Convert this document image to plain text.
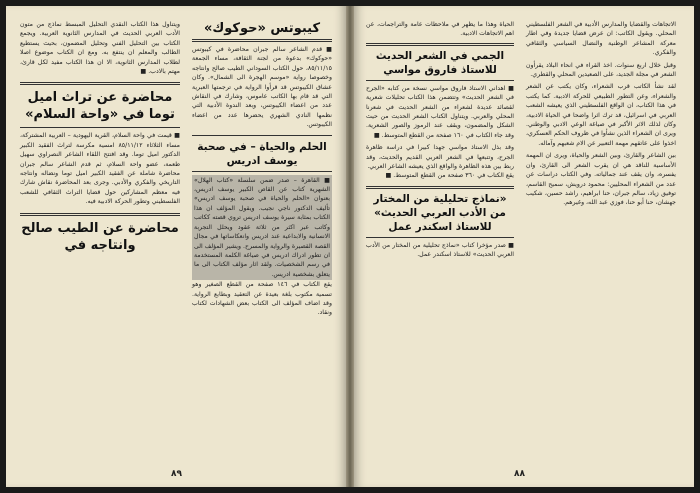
كيبوتس «حوكوك»

■ قدم الشاعر سالم جبران محاضرة في كيبوتس «حوكوك» بدعوة من لجنة الثقافة، مساء الجمعة ٨٥/١١/١٥، حول الكتاب السوداني الطيب صالح وانتاجه وخصوصا رواية «موسم الهجرة الى الشمال». وكان عشاق الكيبوتس قد قرأوا الرواية في ترجمتها العبرية التي قد قام بها الكاتب عاموس، وشارك في النقاش عدد من اعضاء الكيبوتس، وبعد الندوة الأدبية التي نظمها النادي الشهري يحضرها عدد من اعضاء الكيبوتس.

الحلم والحياة – في صحبة يوسف ادريس

■ القاهرة – صدر ضمن سلسلة «كتاب الهلال» الشهرية كتاب عن القاص الكبير يوسف ادريس، بعنوان «الحلم والحياة في صحبة يوسف ادريس» تأليف الدكتور ناجي نجيب. ويقول المؤلف ان هذا الكتاب بمثابة سيرة يوسف ادريس تروي قصته ككاتب وكاتب عبر اكثر من ثلاثة عقود ويحلل التجربة الانسانية والابداعية عند ادريس وانعكاساتها في مجال القصة القصيرة والرواية والمسرح. ويشير المؤلف الى ان تطور ادراك ادريس في صياغة الكلمة المستخدمة في رسم الشخصيات. ولقد اثار مؤلف الكتاب الى ما يتعلق بشخصية ادريس.

يقع الكتاب في ١٤٦ صفحة من القطع الصغير وهو تسمية مكتوب بلغة بعيدة عن التعقيد وبطابع الرواية. وقد اضاف المؤلف الى الكتاب بعض الشهادات لكتاب ونقاد.

ويتناول هذا الكتاب النقدي التحليل المبسط نماذج من متون الأدب العربي الحديث في المدارس الثانوية العربية. ويجمع الكتاب بين التحليل الفني وتحليل المضمون، بحيث يستطيع الطالب والمعلم ان ينتفع به. ومع ان الكتاب موضوع اصلا لطلاب المدارس الثانوية، الا ان هذا الكتاب مفيد لكل قارئ، مهتم بالادب. ■

محاضرة عن تراث اميل توما في «واحة السلام»

■ قيمت في واحة السلام، القرية اليهودية – العربية المشتركة، مساء الثلاثاء ٨٥/١١/١٢ امسية مكرسة لتراث الفقيد الكبير الدكتور اميل توما. وقد افتتح اللقاء الشاعر النصراوي سهيل طعمة، عضو واحة السلام، ثم قدم الشاعر سالم جبران محاضرة شاملة عن الفقيد الكبير اميل توما ونضاله وانتاجه التاريخي والفكري والأدبي. وجرى بعد المحاضرة نقاش شارك فيه معظم المشاركين حول قضايا التراث الثقافي للشعب الفلسطيني وتطور الحركة الادبية فيه.

محاضرة عن الطيب صالح وانتاجه في
٨٩

الاتجاهات والقضايا والمدارس الأدبية في الشعر الفلسطيني المحلي. ويقول الكاتب: ان عرض قضايا جديدة وفي اطار معركة المشاعر الوطنية والنضال السياسي والثقافي والفكري.

وقبل خلال اربع سنوات. اخذ القراء في انحاء البلاد يقرأون الشعر في مجلة الجديد، على الصعيدين المحلي والقطري.

لقد نشأ الكاتب قرب الشعراء، وكان يكتب عن الشعر والشعراء، وعن التطور الطبيعي للحركة الادبية. كما يكتب في هذا الكتاب، ان الواقع الفلسطيني الذي يعيشه الشعب العربي في اسرائيل، قد ترك اثرا واضحا في الحياة الادبية، وكان لذلك الاثر الأكبر في صياغة الوعي الادبي والوطني. ويرى ان الشعراء الذين نشأوا في ظروف الحكم العسكري، اخذوا على عاتقهم مهمة التعبير عن الام شعبهم وآماله.

بين الشاعر والقارئ، وبين الشعر والحياة، ويرى ان المهمة الأساسية للناقد هي ان يقرب الشعر الى القارئ، وان يفسره، وان يقف عند جمالياته. وفي الكتاب دراسات عن عدد من الشعراء المحليين: محمود درويش، سميح القاسم، توفيق زياد، سالم جبران، حنا ابراهيم، راشد حسين، شكيب جهشان، حنا أبو حنا، فوزي عبد الله، وغيرهم.

الحياة وهذا ما يظهر في ملاحظات عامة والتراجمات، عن اهم الاتجاهات الادبية.

الجمي في الشعر الحديث للاستاذ فاروق مواسي

■ اهداني الاستاذ فاروق مواسي نسخة من كتابه «الجرح في الشعر الحديث» وتتضمن هذا الكتاب تحليلات شعرية لقصائد عديدة لشعراء من الشعر الحديث في شعرنا المحلي والعربي. ويتناول الكتاب الشعر الحديث من حيث الشكل والمضمون، ويقف عند الرموز والصور الشعرية. وقد جاء الكتاب في ١٦٠ صفحة من القطع المتوسط. ■

وقد بذل الاستاذ مواسي جهدا كبيرا في دراسة ظاهرة الجرح، وتتبعها في الشعر العربي القديم والحديث، وقد ربط بين هذه الظاهرة والواقع الذي يعيشه الشاعر العربي.

يقع الكتاب في ٣٦٠ صفحة من القطع المتوسط. ■

«نماذج تحليلية من المختار من الأدب العربي الحديث» للاستاذ اسكندر عمل

■ صدر مؤخرا كتاب «نماذج تحليلية من المختار من الأدب العربي الحديث» للاستاذ اسكندر عمل.

٨٨
